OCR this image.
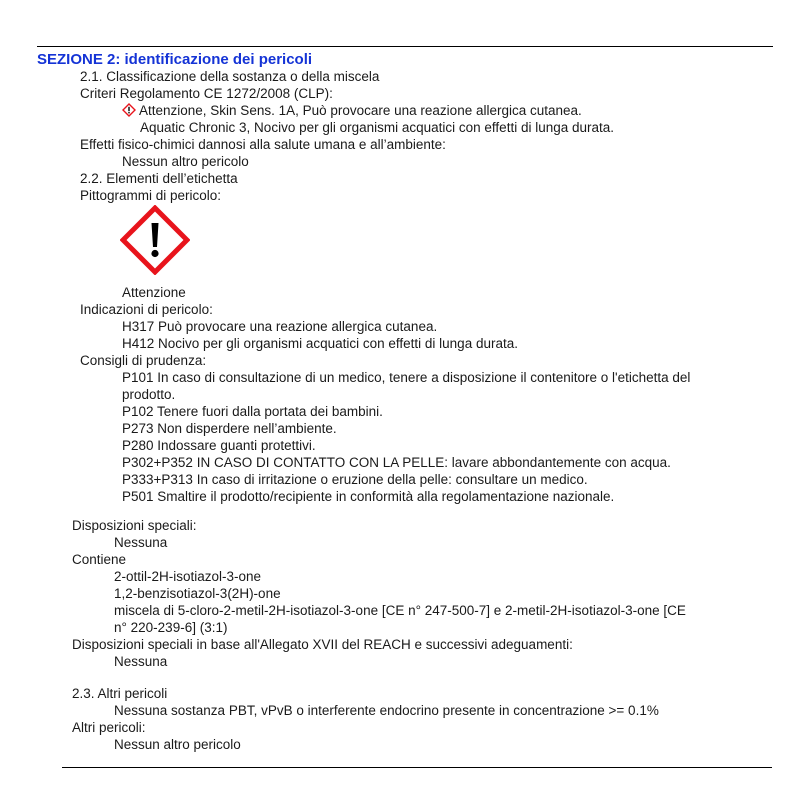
SEZIONE 2: identificazione dei pericoli
2.1. Classificazione della sostanza o della miscela
Criteri Regolamento CE 1272/2008 (CLP):
Attenzione, Skin Sens. 1A, Può provocare una reazione allergica cutanea.
Aquatic Chronic 3, Nocivo per gli organismi acquatici con effetti di lunga durata.
Effetti fisico-chimici dannosi alla salute umana e all’ambiente:
Nessun altro pericolo
2.2. Elementi dell’etichetta
Pittogrammi di pericolo:
Attenzione
Indicazioni di pericolo:
H317 Può provocare una reazione allergica cutanea.
H412 Nocivo per gli organismi acquatici con effetti di lunga durata.
Consigli di prudenza:
P101 In caso di consultazione di un medico, tenere a disposizione il contenitore o l'etichetta del
prodotto.
P102 Tenere fuori dalla portata dei bambini.
P273 Non disperdere nell’ambiente.
P280 Indossare guanti protettivi.
P302+P352 IN CASO DI CONTATTO CON LA PELLE: lavare abbondantemente con acqua.
P333+P313 In caso di irritazione o eruzione della pelle: consultare un medico.
P501 Smaltire il prodotto/recipiente in conformità alla regolamentazione nazionale.
Disposizioni speciali:
Nessuna
Contiene
2-ottil-2H-isotiazol-3-one
1,2-benzisotiazol-3(2H)-one
miscela di 5-cloro-2-metil-2H-isotiazol-3-one [CE n° 247-500-7] e 2-metil-2H-isotiazol-3-one [CE
n° 220-239-6] (3:1)
Disposizioni speciali in base all'Allegato XVII del REACH e successivi adeguamenti:
Nessuna
2.3. Altri pericoli
Nessuna sostanza PBT, vPvB o interferente endocrino presente in concentrazione >= 0.1%
Altri pericoli:
Nessun altro pericolo
